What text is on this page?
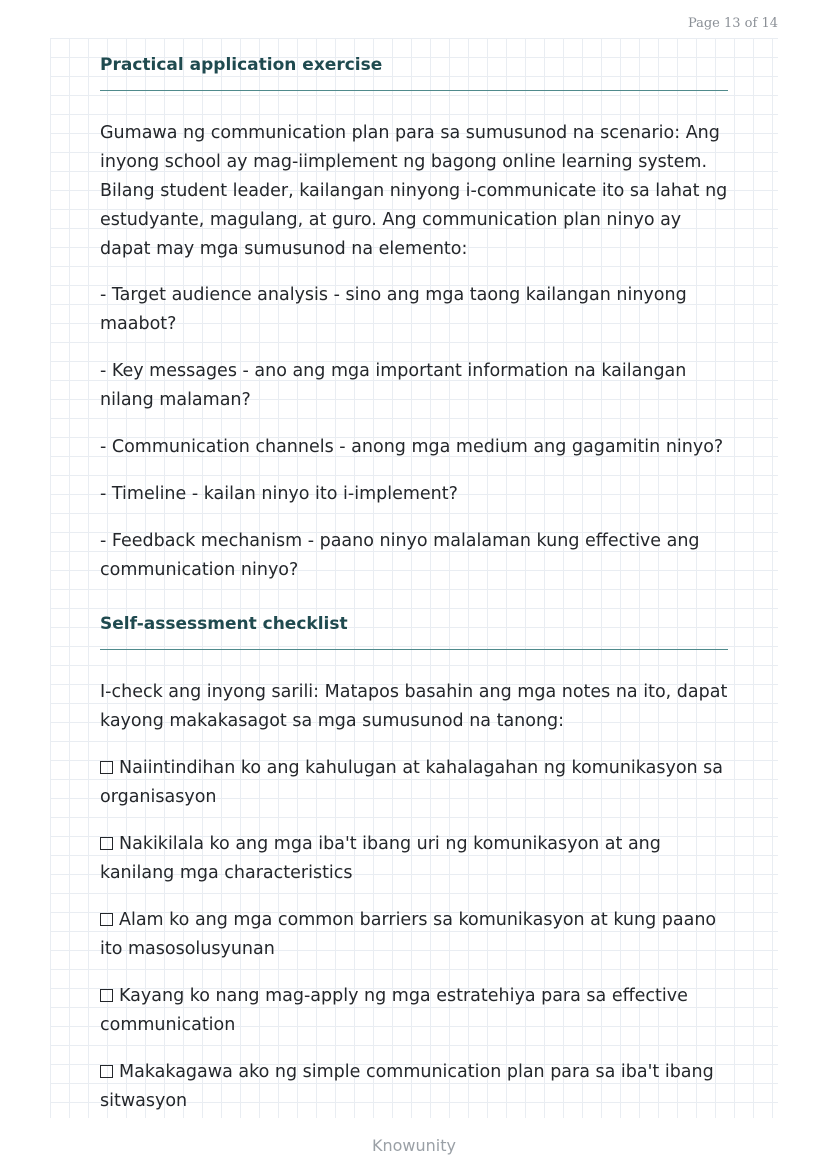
Page 13 of 14
Practical application exercise

Gumawa ng communication plan para sa sumusunod na scenario: Ang inyong school ay mag-iimplement ng bagong online learning system. Bilang student leader, kailangan ninyong i-communicate ito sa lahat ng estudyante, magulang, at guro. Ang communication plan ninyo ay dapat may mga sumusunod na elemento:

- Target audience analysis - sino ang mga taong kailangan ninyong maabot?

- Key messages - ano ang mga important information na kailangan nilang malaman?

- Communication channels - anong mga medium ang gagamitin ninyo?

- Timeline - kailan ninyo ito i-implement?

- Feedback mechanism - paano ninyo malalaman kung effective ang communication ninyo?

Self-assessment checklist

I-check ang inyong sarili: Matapos basahin ang mga notes na ito, dapat kayong makakasagot sa mga sumusunod na tanong:

Naiintindihan ko ang kahulugan at kahalagahan ng komunikasyon sa organisasyon

Nakikilala ko ang mga iba't ibang uri ng komunikasyon at ang kanilang mga characteristics

Alam ko ang mga common barriers sa komunikasyon at kung paano ito masosolusyunan

Kayang ko nang mag-apply ng mga estratehiya para sa effective communication

Makakagawa ako ng simple communication plan para sa iba't ibang sitwasyon

Knowunity
